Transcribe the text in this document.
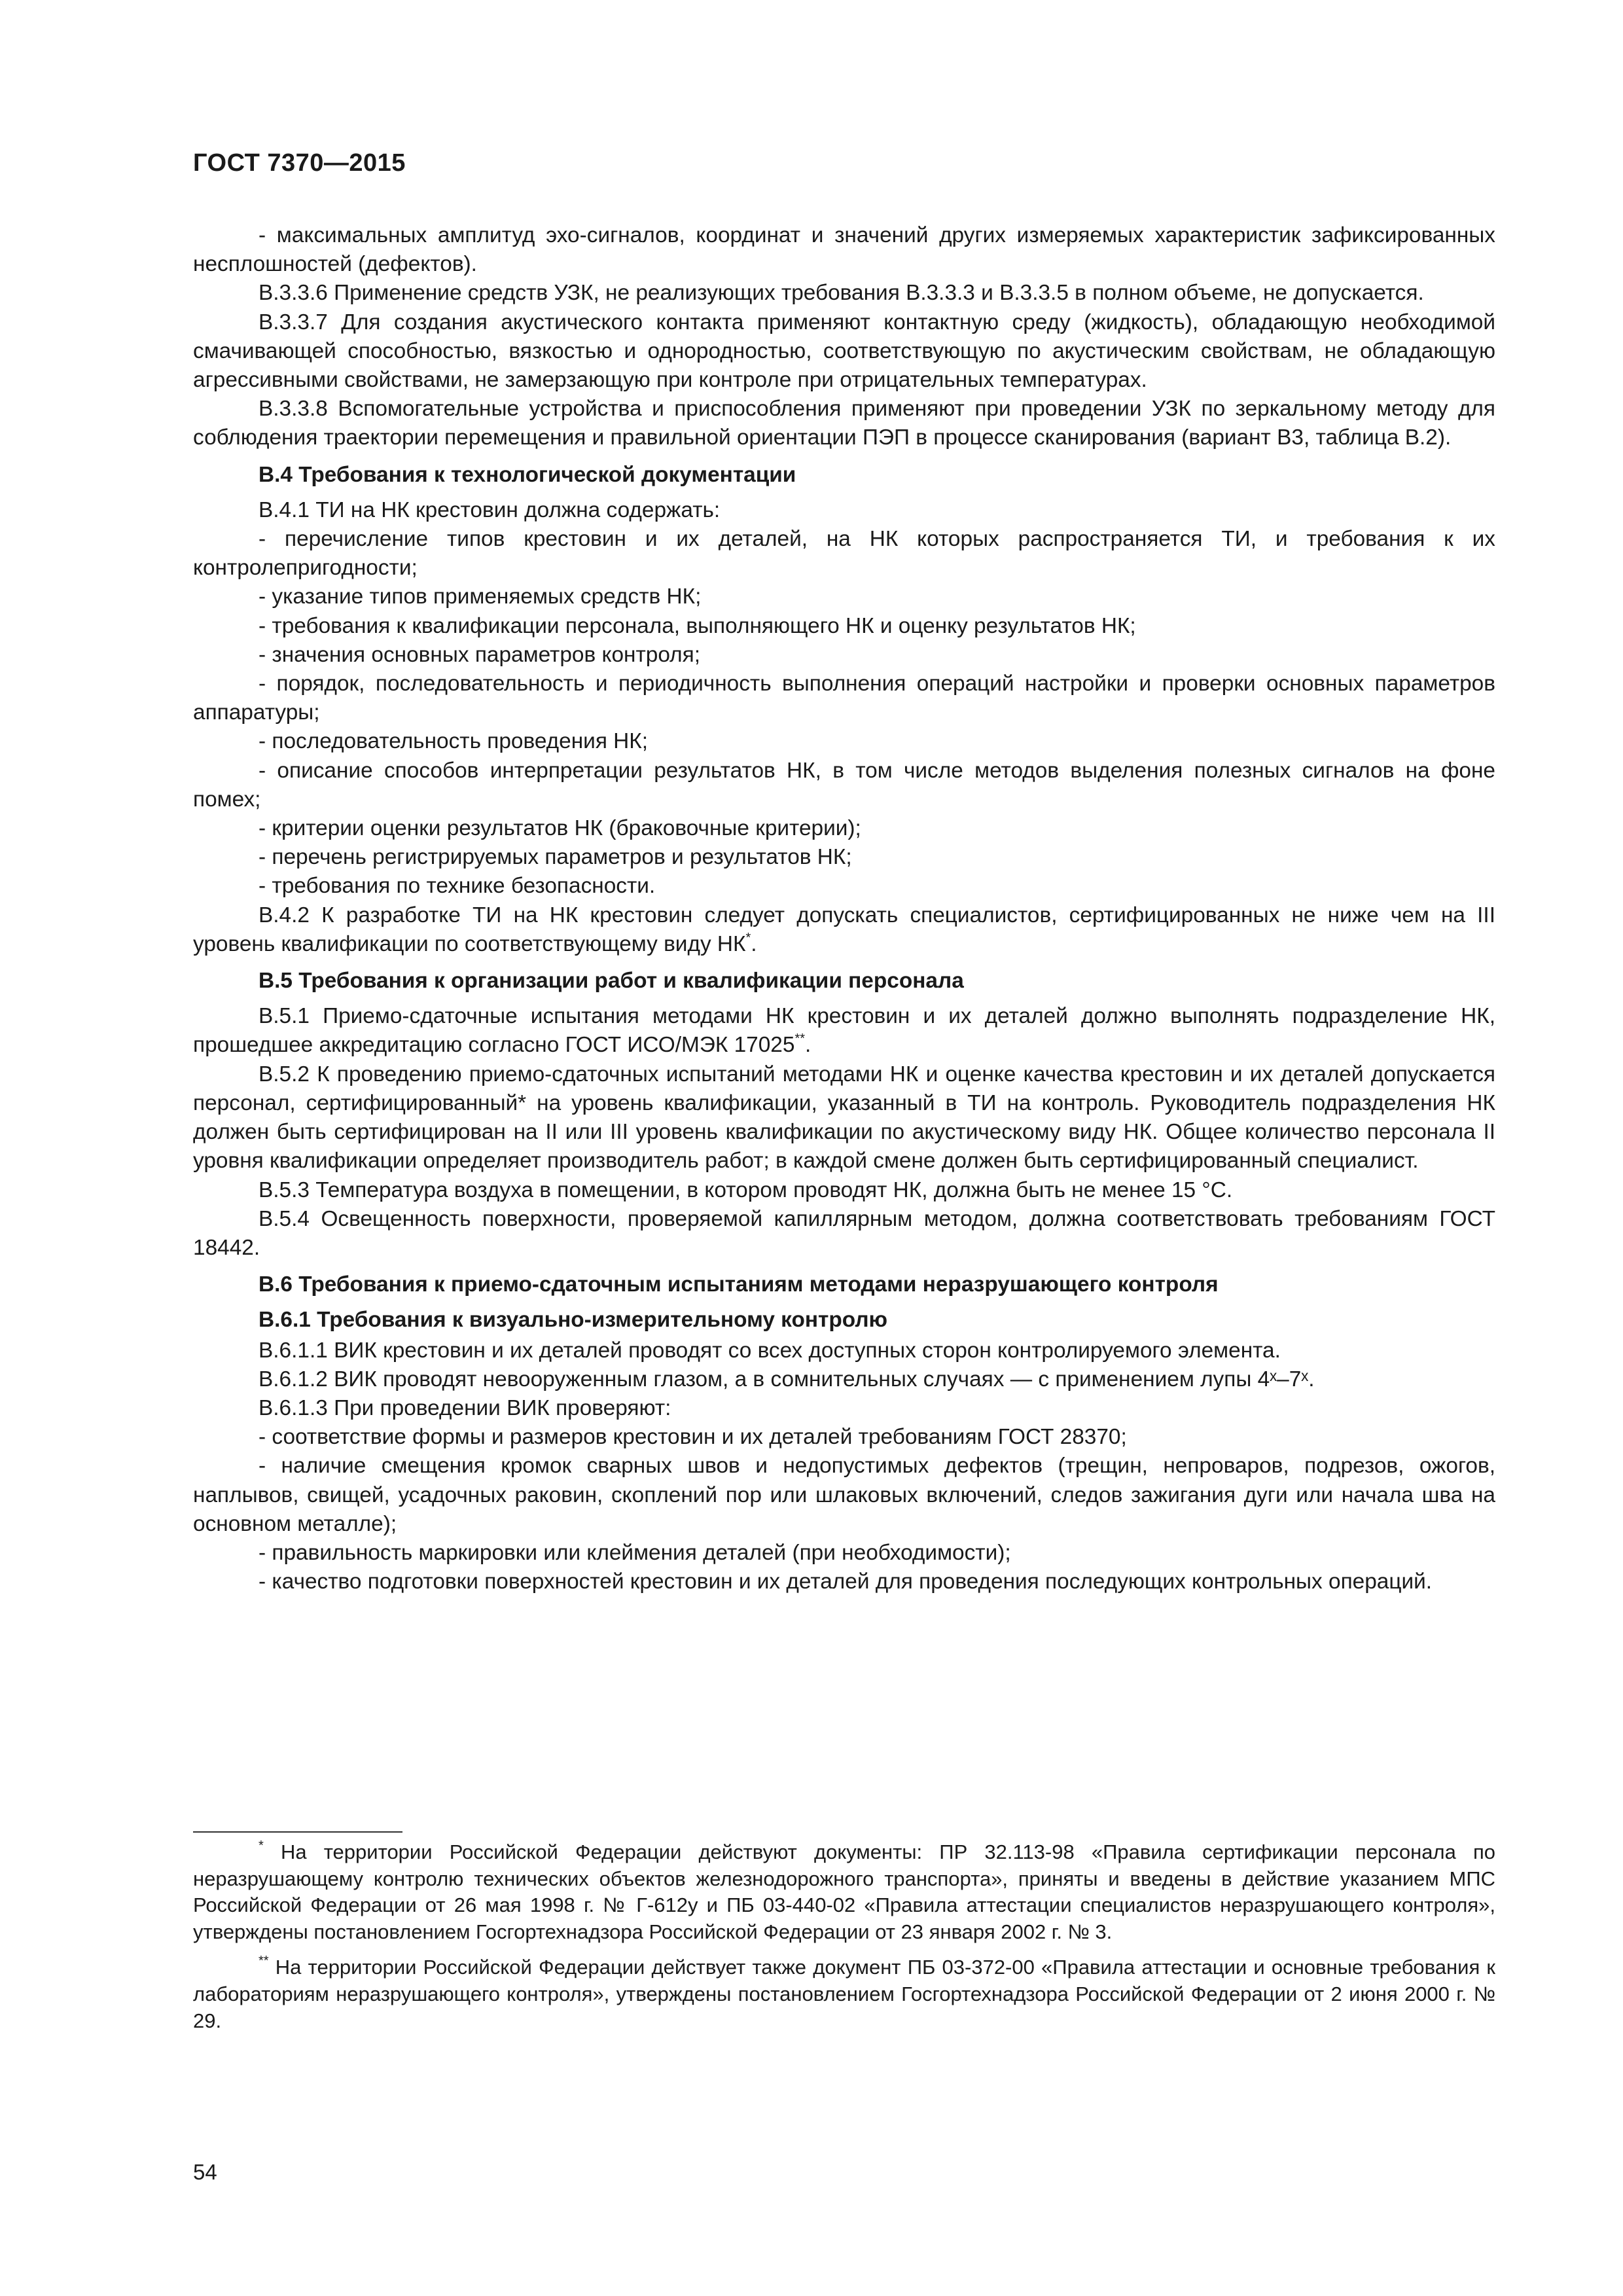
ГОСТ 7370—2015
- максимальных амплитуд эхо-сигналов, координат и значений других измеряемых характеристик зафиксированных несплошностей (дефектов).
В.3.3.6 Применение средств УЗК, не реализующих требования В.3.3.3 и В.3.3.5 в полном объеме, не допускается.
В.3.3.7 Для создания акустического контакта применяют контактную среду (жидкость), обладающую необходимой смачивающей способностью, вязкостью и однородностью, соответствующую по акустическим свойствам, не обладающую агрессивными свойствами, не замерзающую при контроле при отрицательных температурах.
В.3.3.8 Вспомогательные устройства и приспособления применяют при проведении УЗК по зеркальному методу для соблюдения траектории перемещения и правильной ориентации ПЭП в процессе сканирования (вариант В3, таблица В.2).
В.4 Требования к технологической документации
В.4.1 ТИ на НК крестовин должна содержать:
- перечисление типов крестовин и их деталей, на НК которых распространяется ТИ, и требования к их контролепригодности;
- указание типов применяемых средств НК;
- требования к квалификации персонала, выполняющего НК и оценку результатов НК;
- значения основных параметров контроля;
- порядок, последовательность и периодичность выполнения операций настройки и проверки основных параметров аппаратуры;
- последовательность проведения НК;
- описание способов интерпретации результатов НК, в том числе методов выделения полезных сигналов на фоне помех;
- критерии оценки результатов НК (браковочные критерии);
- перечень регистрируемых параметров и результатов НК;
- требования по технике безопасности.
В.4.2 К разработке ТИ на НК крестовин следует допускать специалистов, сертифицированных не ниже чем на III уровень квалификации по соответствующему виду НК*.
В.5 Требования к организации работ и квалификации персонала
В.5.1 Приемо-сдаточные испытания методами НК крестовин и их деталей должно выполнять подразделение НК, прошедшее аккредитацию согласно ГОСТ ИСО/МЭК 17025**.
В.5.2 К проведению приемо-сдаточных испытаний методами НК и оценке качества крестовин и их деталей допускается персонал, сертифицированный* на уровень квалификации, указанный в ТИ на контроль. Руководитель подразделения НК должен быть сертифицирован на II или III уровень квалификации по акустическому виду НК. Общее количество персонала II уровня квалификации определяет производитель работ; в каждой смене должен быть сертифицированный специалист.
В.5.3 Температура воздуха в помещении, в котором проводят НК, должна быть не менее 15 °С.
В.5.4 Освещенность поверхности, проверяемой капиллярным методом, должна соответствовать требованиям ГОСТ 18442.
В.6 Требования к приемо-сдаточным испытаниям методами неразрушающего контроля
В.6.1 Требования к визуально-измерительному контролю
В.6.1.1 ВИК крестовин и их деталей проводят со всех доступных сторон контролируемого элемента.
В.6.1.2 ВИК проводят невооруженным глазом, а в сомнительных случаях — с применением лупы 4ˣ–7ˣ.
В.6.1.3 При проведении ВИК проверяют:
- соответствие формы и размеров крестовин и их деталей требованиям ГОСТ 28370;
- наличие смещения кромок сварных швов и недопустимых дефектов (трещин, непроваров, подрезов, ожогов, наплывов, свищей, усадочных раковин, скоплений пор или шлаковых включений, следов зажигания дуги или начала шва на основном металле);
- правильность маркировки или клеймения деталей (при необходимости);
- качество подготовки поверхностей крестовин и их деталей для проведения последующих контрольных операций.
* На территории Российской Федерации действуют документы: ПР 32.113-98 «Правила сертификации персонала по неразрушающему контролю технических объектов железнодорожного транспорта», приняты и введены в действие указанием МПС Российской Федерации от 26 мая 1998 г. № Г-612у и ПБ 03-440-02 «Правила аттестации специалистов неразрушающего контроля», утверждены постановлением Госгортехнадзора Российской Федерации от 23 января 2002 г. № 3.
** На территории Российской Федерации действует также документ ПБ 03-372-00 «Правила аттестации и основные требования к лабораториям неразрушающего контроля», утверждены постановлением Госгортехнадзора Российской Федерации от 2 июня 2000 г. № 29.
54
